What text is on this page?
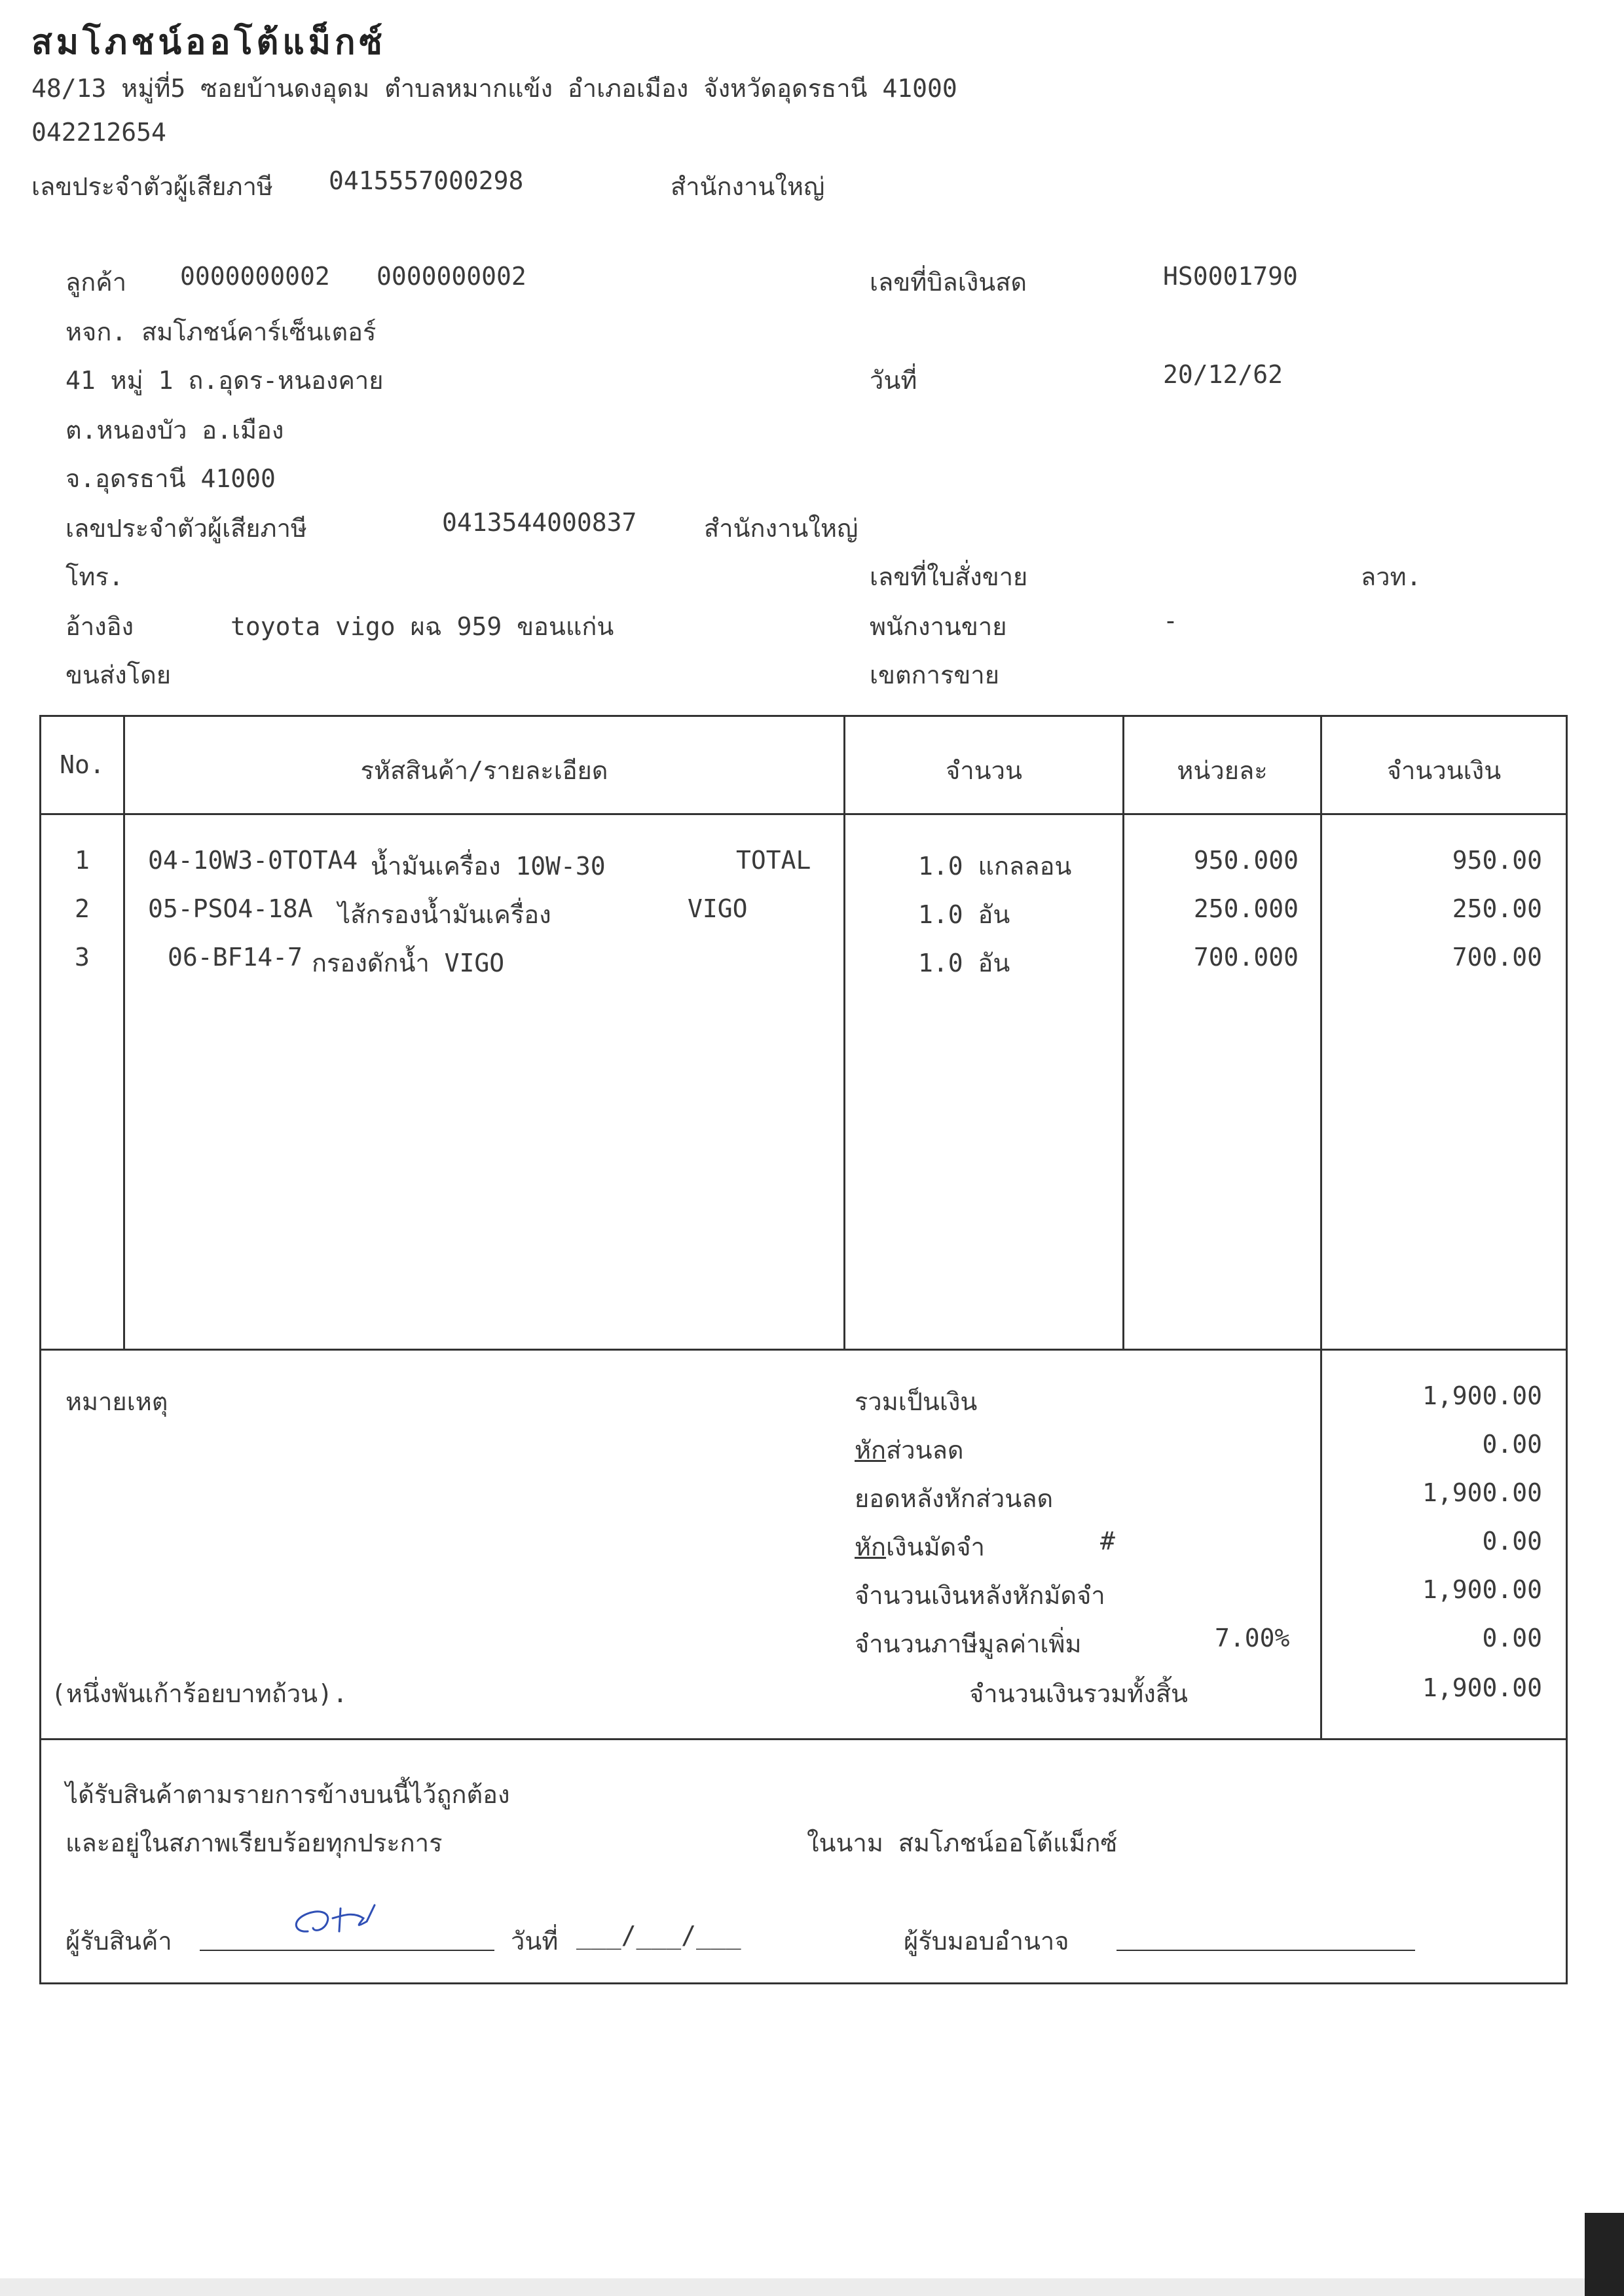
สมโภชน์ออโต้แม็กซ์
48/13 หมู่ที่5 ซอยบ้านดงอุดม ตำบลหมากแข้ง อำเภอเมือง จังหวัดอุดรธานี 41000
042212654
เลขประจำตัวผู้เสียภาษี 0415557000298	สำนักงานใหญ่
ลูกค้า 0000000002 0000000002	เลขที่บิลเงินสด	HS0001790
หจก. สมโภชน์คาร์เซ็นเตอร์
41 หมู่ 1 ถ.อุดร-หนองคาย	วันที่	20/12/62
ต.หนองบัว อ.เมือง
จ.อุดรธานี 41000
เลขประจำตัวผู้เสียภาษี	0413544000837	สำนักงานใหญ่
โทร.	เลขที่ใบสั่งขาย	ลวท.
อ้างอิง	toyota vigo ผฉ 959 ขอนแก่น	พนักงานขาย	-
ขนส่งโดย	เขตการขาย
No.	รหัสสินค้า/รายละเอียด	จำนวน	หน่วยละ	จำนวนเงิน
1	04-10W3-0TOTA4 น้ำมันเครื่อง 10W-30	TOTAL	1.0 แกลลอน	950.000	950.00
2	05-PSO4-18A ไส้กรองน้ำมันเครื่อง	VIGO	1.0 อัน	250.000	250.00
3	06-BF14-7 กรองดักน้ำ VIGO	1.0 อัน	700.000	700.00
หมายเหตุ	รวมเป็นเงิน	1,900.00
หักส่วนลด	0.00
ยอดหลังหักส่วนลด	1,900.00
หักเงินมัดจำ	#	0.00
จำนวนเงินหลังหักมัดจำ	1,900.00
จำนวนภาษีมูลค่าเพิ่ม	7.00%	0.00
(หนึ่งพันเก้าร้อยบาทถ้วน).	จำนวนเงินรวมทั้งสิ้น	1,900.00
ได้รับสินค้าตามรายการข้างบนนี้ไว้ถูกต้อง
และอยู่ในสภาพเรียบร้อยทุกประการ	ในนาม สมโภชน์ออโต้แม็กซ์
ผู้รับสินค้า	วันที่ ___/___/___	ผู้รับมอบอำนาจ
